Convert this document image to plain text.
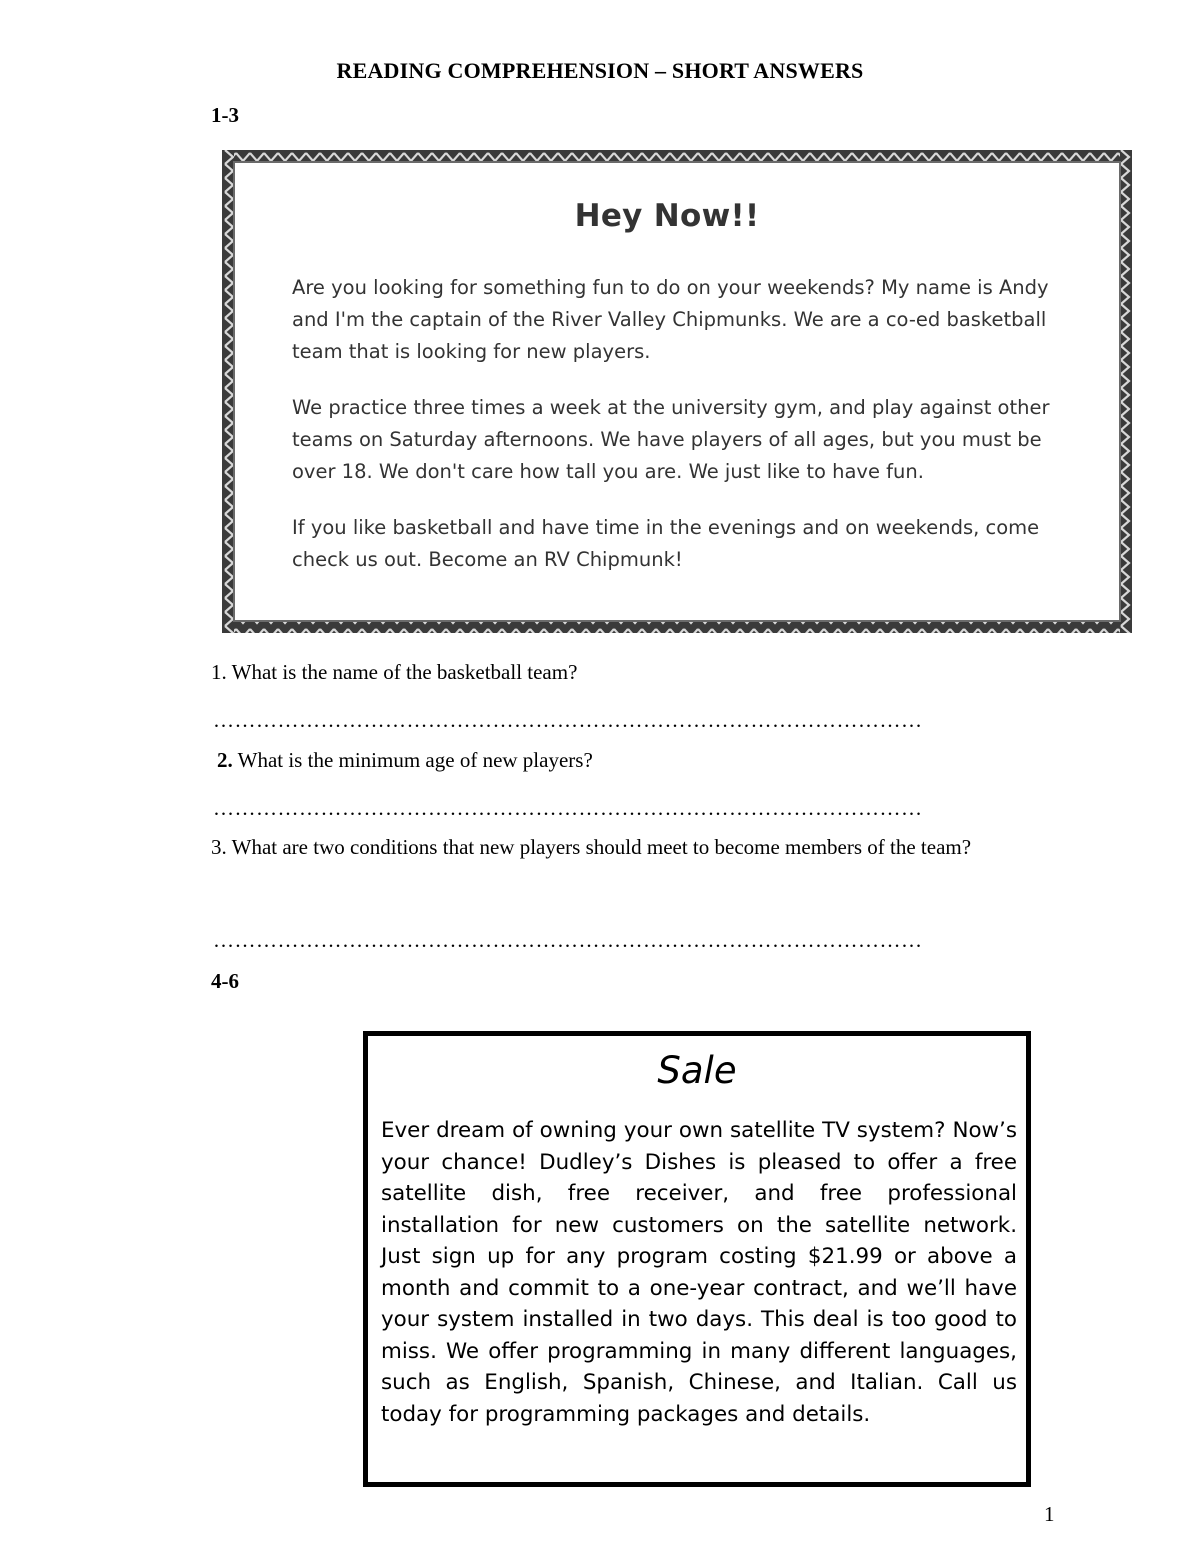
READING COMPREHENSION – SHORT ANSWERS
1-3
Hey Now!!

Are you looking for something fun to do on your weekends? My name is Andy and I'm the captain of the River Valley Chipmunks. We are a co-ed basketball team that is looking for new players.

We practice three times a week at the university gym, and play against other teams on Saturday afternoons. We have players of all ages, but you must be over 18. We don't care how tall you are. We just like to have fun.

If you like basketball and have time in the evenings and on weekends, come check us out. Become an RV Chipmunk!

1. What is the name of the basketball team?
………………………………………………………………………………………
2. What is the minimum age of new players?
………………………………………………………………………………………
3. What are two conditions that new players should meet to become members of the team?
………………………………………………………………………………………
4-6
Sale

Ever dream of owning your own satellite TV system? Now’s your chance! Dudley’s Dishes is pleased to offer a free satellite dish, free receiver, and free professional installation for new customers on the satellite network. Just sign up for any program costing $21.99 or above a month and commit to a one-year contract, and we’ll have your system installed in two days. This deal is too good to miss. We offer programming in many different languages, such as English, Spanish, Chinese, and Italian. Call us today for programming packages and details.

1
